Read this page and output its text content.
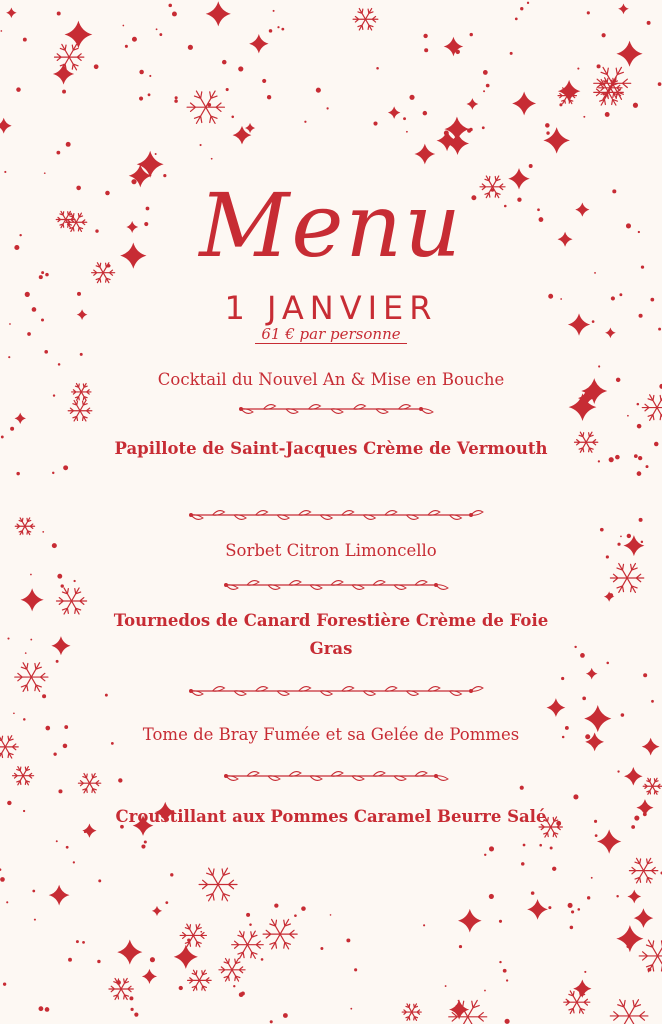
Menu
1 JANVIER
61 € par personne
Cocktail du Nouvel An & Mise en Bouche
Papillote de Saint-Jacques Crème de Vermouth
Sorbet Citron Limoncello
Tournedos de Canard Forestière Crème de Foie Gras
Tome de Bray Fumée et sa Gelée de Pommes
Croustillant aux Pommes Caramel Beurre Salé
